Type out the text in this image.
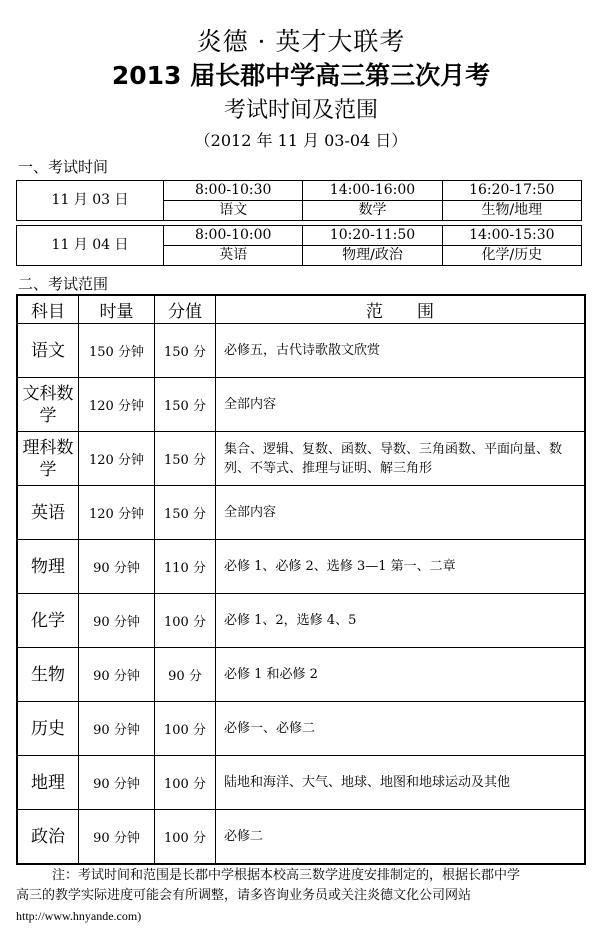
炎德 · 英才大联考
2013 届长郡中学高三第三次月考
考试时间及范围
（2012 年 11 月 03-04 日）
一、考试时间
11 月 03 日	8:00-10:30	14:00-16:00	16:20-17:50
	语文	数学	生物/地理
11 月 04 日	8:00-10:00	10:20-11:50	14:00-15:30
	英语	物理/政治	化学/历史
二、考试范围
科目	时量	分值	范　　围
语文	150 分钟	150 分	必修五，古代诗歌散文欣赏
文科数学	120 分钟	150 分	全部内容
理科数学	120 分钟	150 分	集合、逻辑、复数、函数、导数、三角函数、平面向量、数列、不等式、推理与证明、解三角形
英语	120 分钟	150 分	全部内容
物理	90 分钟	110 分	必修 1、必修 2、选修 3—1 第一、二章
化学	90 分钟	100 分	必修 1、2，选修 4、5
生物	90 分钟	90 分	必修 1 和必修 2
历史	90 分钟	100 分	必修一、必修二
地理	90 分钟	100 分	陆地和海洋、大气、地球、地图和地球运动及其他
政治	90 分钟	100 分	必修二
注：考试时间和范围是长郡中学根据本校高三数学进度安排制定的，根据长郡中学
高三的教学实际进度可能会有所调整，请多咨询业务员或关注炎德文化公司网站
http://www.hnyande.com)
